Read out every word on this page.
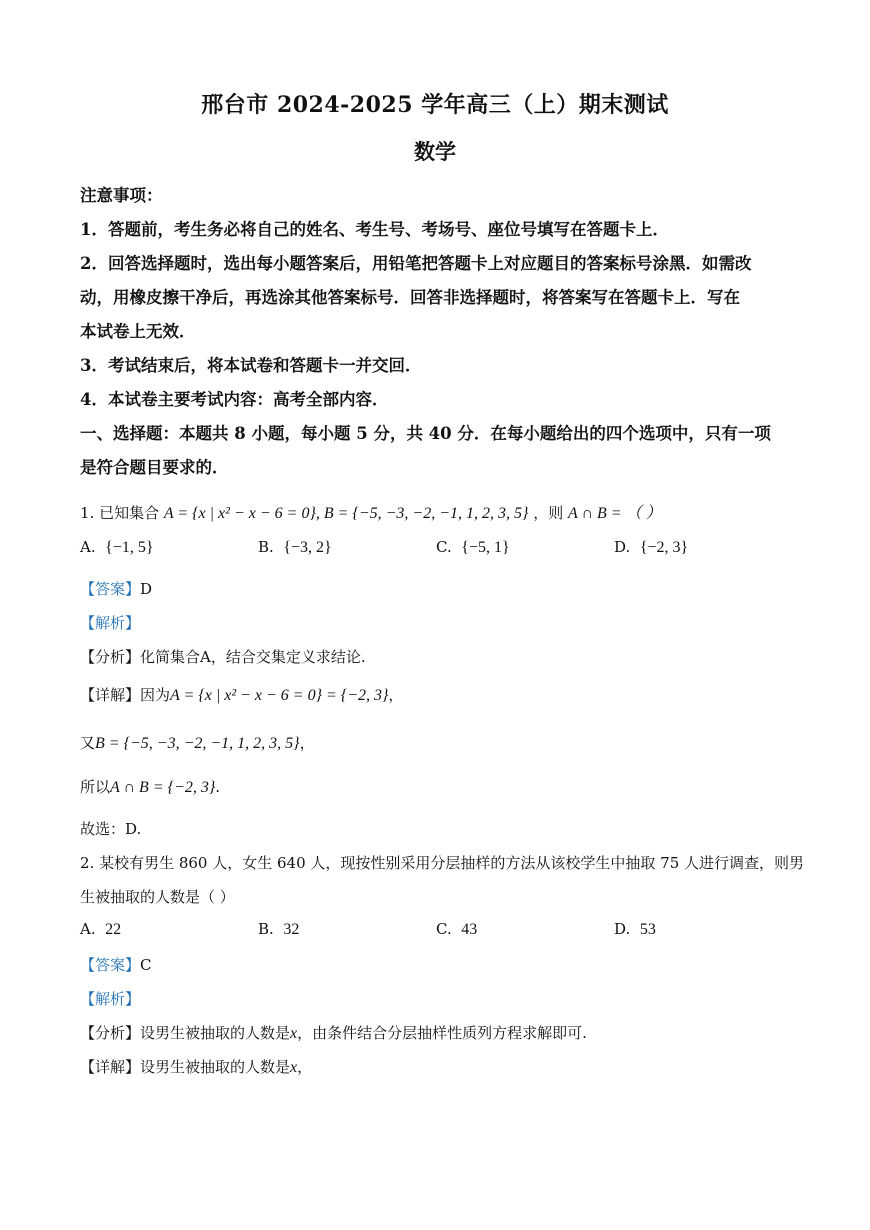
邢台市 2024-2025 学年高三（上）期末测试
数学
注意事项：
1．答题前，考生务必将自己的姓名、考生号、考场号、座位号填写在答题卡上．
2．回答选择题时，选出每小题答案后，用铅笔把答题卡上对应题目的答案标号涂黑．如需改
动，用橡皮擦干净后，再选涂其他答案标号．回答非选择题时，将答案写在答题卡上．写在
本试卷上无效．
3．考试结束后，将本试卷和答题卡一并交回．
4．本试卷主要考试内容：高考全部内容．
一、选择题：本题共 8 小题，每小题 5 分，共 40 分．在每小题给出的四个选项中，只有一项
是符合题目要求的．
1. 已知集合 A = {x | x² − x − 6 = 0}, B = {−5, −3, −2, −1, 1, 2, 3, 5} ，则 A ∩ B = （ ）
A. {−1, 5}	B. {−3, 2}	C. {−5, 1}	D. {−2, 3}
【答案】D
【解析】
【分析】化简集合A，结合交集定义求结论.
【详解】因为A = {x | x² − x − 6 = 0} = {−2, 3}，
又B = {−5, −3, −2, −1, 1, 2, 3, 5}，
所以A ∩ B = {−2, 3}.
故选：D.
2. 某校有男生 860 人，女生 640 人，现按性别采用分层抽样的方法从该校学生中抽取 75 人进行调查，则男
生被抽取的人数是（ ）
A. 22	B. 32	C. 43	D. 53
【答案】C
【解析】
【分析】设男生被抽取的人数是x，由条件结合分层抽样性质列方程求解即可.
【详解】设男生被抽取的人数是x，
